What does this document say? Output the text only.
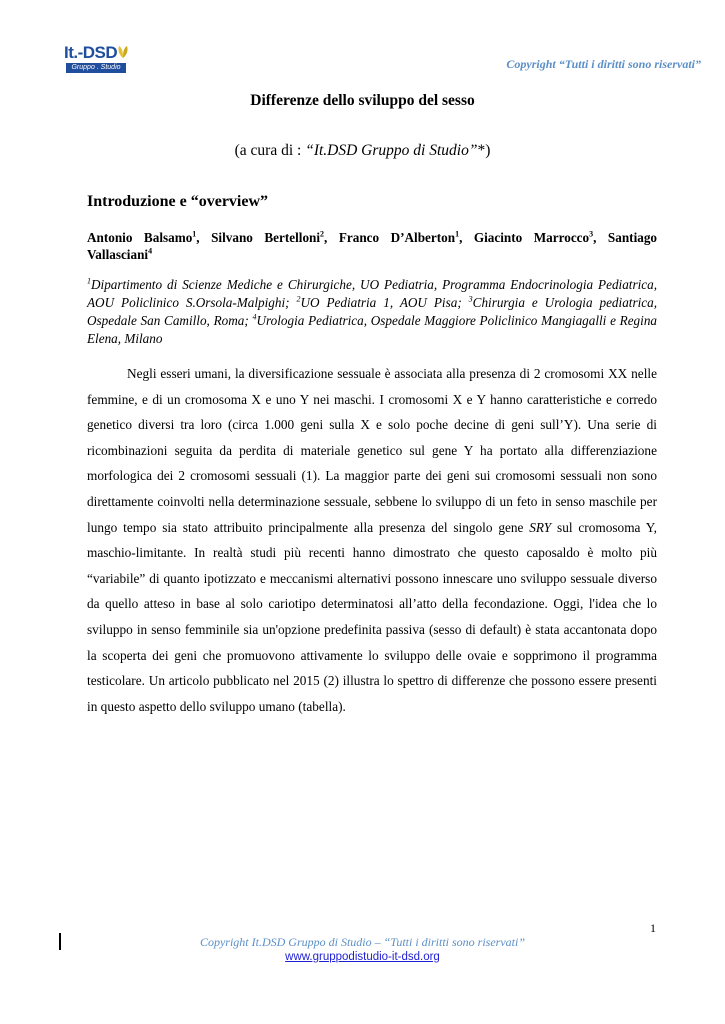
It.-DSD
Gruppo . Studio	Copyright “Tutti i diritti sono riservati”
Differenze dello sviluppo del sesso
(a cura di : “It.DSD Gruppo di Studio”*)
Introduzione e “overview”
Antonio Balsamo$^1$, Silvano Bertelloni$^2$, Franco D’Alberton$^1$, Giacinto Marrocco$^3$, Santiago Vallasciani$^4$
$^1$Dipartimento di Scienze Mediche e Chirurgiche, UO Pediatria, Programma Endocrinologia Pediatrica, AOU Policlinico S.Orsola-Malpighi; $^2$UO Pediatria 1, AOU Pisa; $^3$Chirurgia e Urologia pediatrica, Ospedale San Camillo, Roma; $^4$Urologia Pediatrica, Ospedale Maggiore Policlinico Mangiagalli e Regina Elena, Milano

Negli esseri umani, la diversificazione sessuale è associata alla presenza di 2 cromosomi XX nelle femmine, e di un cromosoma X e uno Y nei maschi. I cromosomi X e Y hanno caratteristiche e corredo genetico diversi tra loro (circa 1.000 geni sulla X e solo poche decine di geni sull’Y). Una serie di ricombinazioni seguita da perdita di materiale genetico sul gene Y ha portato alla differenziazione morfologica dei 2 cromosomi sessuali (1). La maggior parte dei geni sui cromosomi sessuali non sono direttamente coinvolti nella determinazione sessuale, sebbene lo sviluppo di un feto in senso maschile per lungo tempo sia stato attribuito principalmente alla presenza del singolo gene SRY sul cromosoma Y, maschio-limitante. In realtà studi più recenti hanno dimostrato che questo caposaldo è molto più “variabile” di quanto ipotizzato e meccanismi alternativi possono innescare uno sviluppo sessuale diverso da quello atteso in base al solo cariotipo determinatosi all’atto della fecondazione. Oggi, l'idea che lo sviluppo in senso femminile sia un'opzione predefinita passiva (sesso di default) è stata accantonata dopo la scoperta dei geni che promuovono attivamente lo sviluppo delle ovaie e sopprimono il programma testicolare. Un articolo pubblicato nel 2015 (2) illustra lo spettro di differenze che possono essere presenti in questo aspetto dello sviluppo umano (tabella).

1
Copyright It.DSD Gruppo di Studio – “Tutti i diritti sono riservati”
www.gruppodistudio-it-dsd.org
